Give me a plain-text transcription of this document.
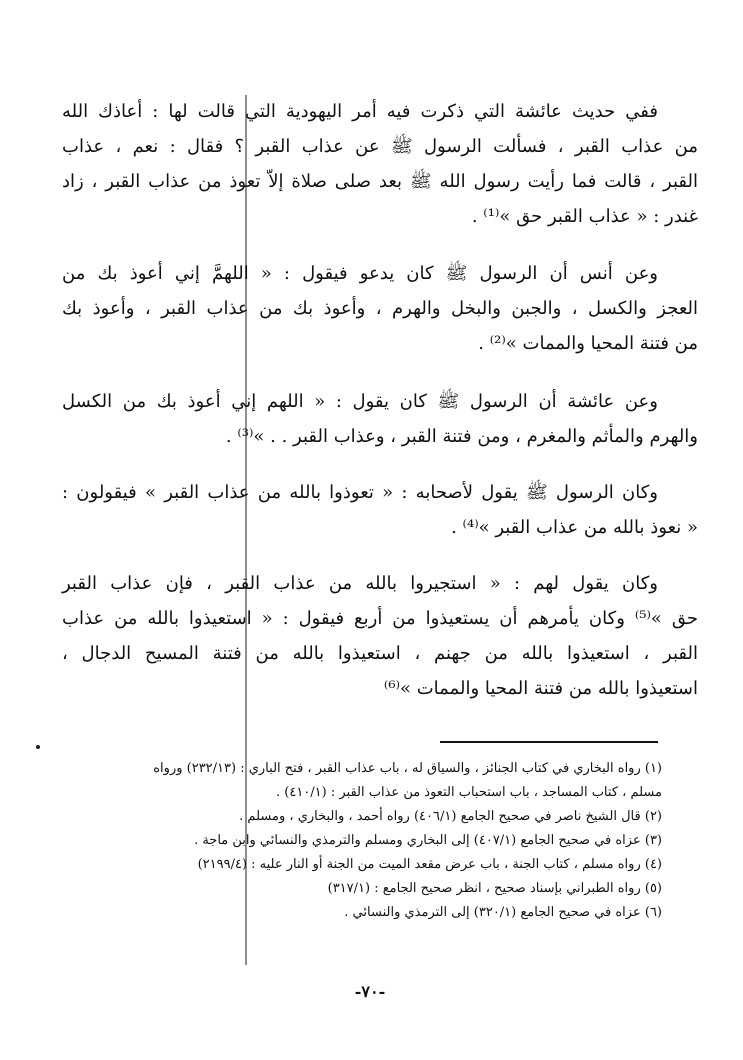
ففي حديث عائشة التي ذكرت فيه أمر اليهودية التي قالت لها : أعاذك الله
من عذاب القبر ، فسألت الرسول ﷺ عن عذاب القبر ؟ فقال : نعم ، عذاب
القبر ، قالت فما رأيت رسول الله ﷺ بعد صلى صلاة إلاّ تعوذ من عذاب القبر ، زاد
غندر : « عذاب القبر حق »⁽¹⁾ .
وعن أنس أن الرسول ﷺ كان يدعو فيقول : « اللهمَّ إني أعوذ بك من
العجز والكسل ، والجبن والبخل والهرم ، وأعوذ بك من عذاب القبر ، وأعوذ بك
من فتنة المحيا والممات »⁽²⁾ .
وعن عائشة أن الرسول ﷺ كان يقول : « اللهم إني أعوذ بك من الكسل
والهرم والمأثم والمغرم ، ومن فتنة القبر ، وعذاب القبر . . »⁽³⁾ .
وكان الرسول ﷺ يقول لأصحابه : « تعوذوا بالله من عذاب القبر » فيقولون :
« نعوذ بالله من عذاب القبر »⁽⁴⁾ .
وكان يقول لهم : « استجيروا بالله من عذاب القبر ، فإن عذاب القبر
حق »⁽⁵⁾ وكان يأمرهم أن يستعيذوا من أربع فيقول : « استعيذوا بالله من عذاب
القبر ، استعيذوا بالله من جهنم ، استعيذوا بالله من فتنة المسيح الدجال ،
استعيذوا بالله من فتنة المحيا والممات »⁽⁶⁾
(١) رواه البخاري في كتاب الجنائز ، والسياق له ، باب عذاب القبر ، فتح الباري : (٢٣٢/١٣) ورواه
مسلم ، كتاب المساجد ، باب استحباب التعوذ من عذاب القبر : (٤١٠/١) .
(٢) قال الشيخ ناصر في صحيح الجامع (٤٠٦/١) رواه أحمد ، والبخاري ، ومسلم .
(٣) عزاه في صحيح الجامع (٤٠٧/١) إلى البخاري ومسلم والترمذي والنسائي وابن ماجة .
(٤) رواه مسلم ، كتاب الجنة ، باب عرض مقعد الميت من الجنة أو النار عليه : (٢١٩٩/٤)
(٥) رواه الطبراني بإسناد صحيح ، انظر صحيح الجامع : (٣١٧/١)
(٦) عزاه في صحيح الجامع (٣٢٠/١) إلى الترمذي والنسائي .
-٧٠-
